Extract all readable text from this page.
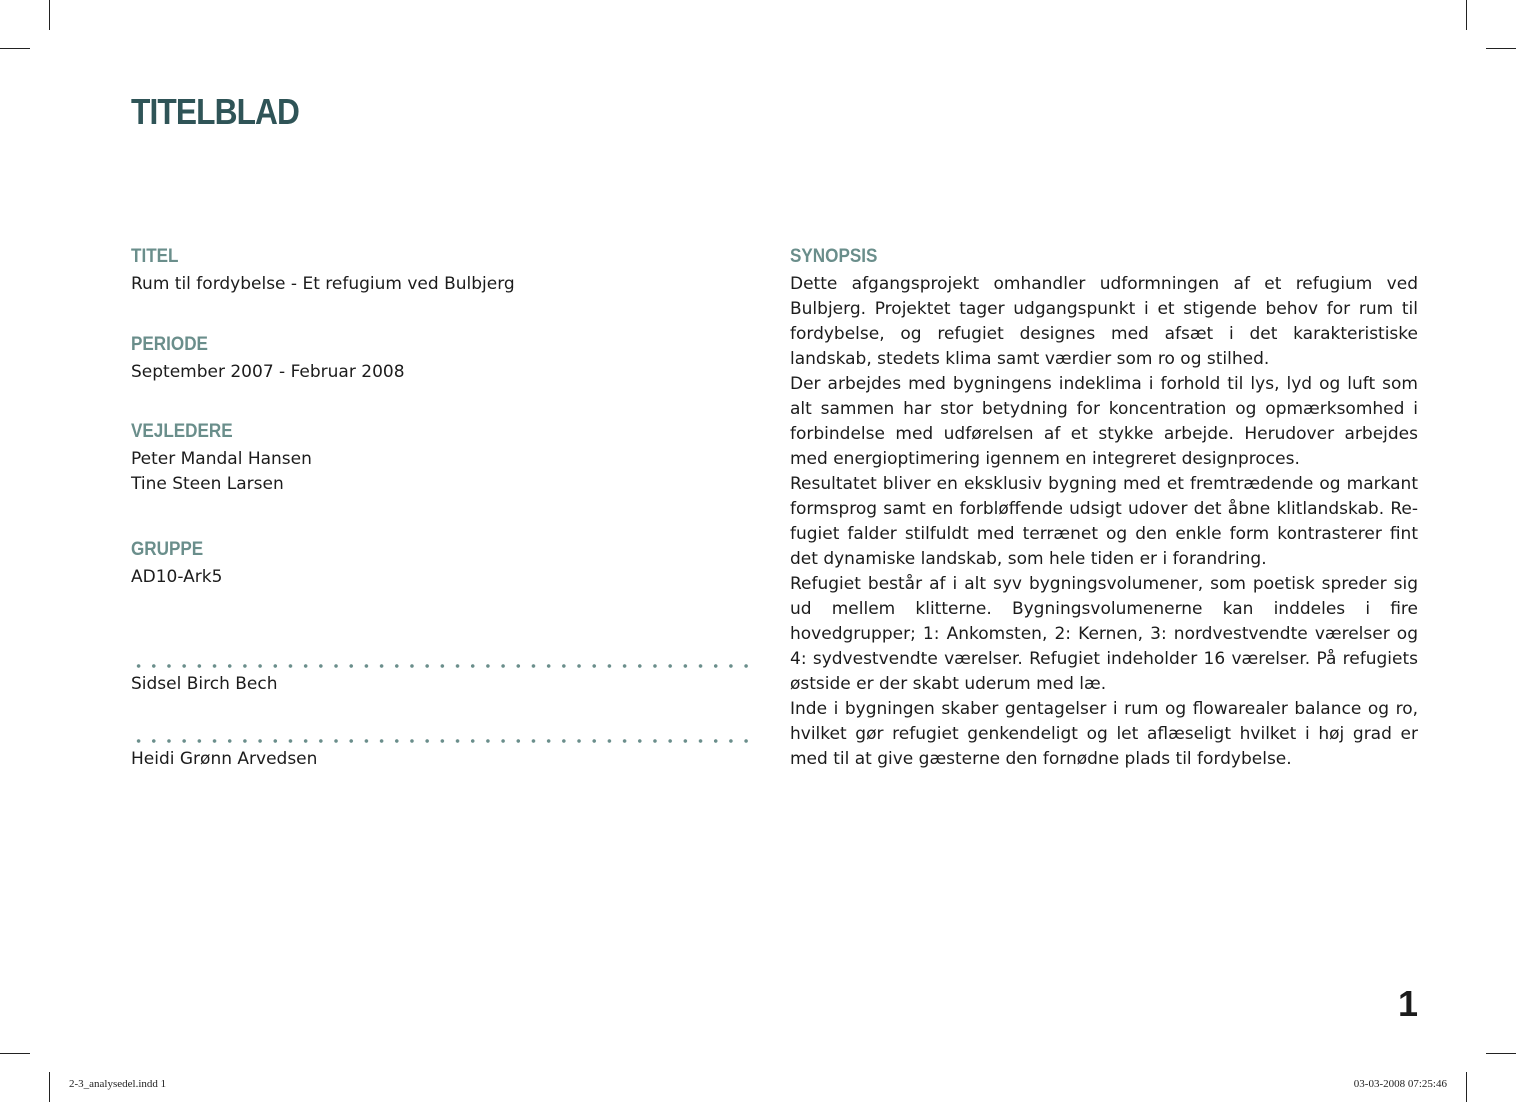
TITELBLAD
TITEL
Rum til fordybelse - Et refugium ved Bulbjerg
PERIODE
September 2007 - Februar 2008
VEJLEDERE
Peter Mandal Hansen
Tine Steen Larsen
GRUPPE
AD10-Ark5
Sidsel Birch Bech
Heidi Grønn Arvedsen
SYNOPSIS

Dette afgangsprojekt omhandler udformningen af et refugium ved Bulbjerg. Projektet tager udgangspunkt i et stigende behov for rum til fordybelse, og refugiet designes med afsæt i det karakteristiske landskab, stedets klima samt værdier som ro og stilhed.

Der arbejdes med bygningens indeklima i forhold til lys, lyd og luft som alt sammen har stor betydning for koncentration og opmærksomhed i forbindelse med udførelsen af et stykke arbejde. Herudover arbejdes med energioptimering igennem en integreret designproces.

Resultatet bliver en eksklusiv bygning med et fremtrædende og markant formsprog samt en forbløffende udsigt udover det åbne klitlandskab. Refugiet falder stilfuldt med terrænet og den enkle form kontrasterer fint det dynamiske landskab, som hele tiden er i forandring.

Refugiet består af i alt syv bygningsvolumener, som poetisk spreder sig ud mellem klitterne. Bygningsvolumenerne kan inddeles i fire hovedgrupper; 1: Ankomsten, 2: Kernen, 3: nordvestvendte værelser og 4: sydvestvendte værelser. Refugiet indeholder 16 værelser. På refugiets østside er der skabt uderum med læ.

Inde i bygningen skaber gentagelser i rum og flowarealer balance og ro, hvilket gør refugiet genkendeligt og let aflæseligt hvilket i høj grad er med til at give gæsterne den fornødne plads til fordybelse.

1
2-3_analysedel.indd 1	03-03-2008 07:25:46
